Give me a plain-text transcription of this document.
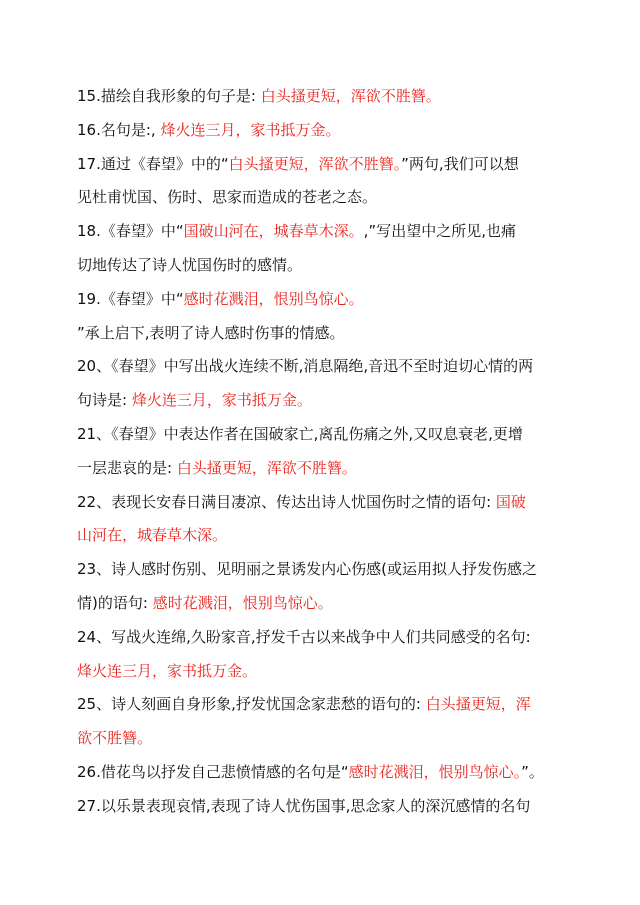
15.描绘自我形象的句子是: 白头搔更短，浑欲不胜簪。
16.名句是:, 烽火连三月，家书抵万金。
17.通过《春望》中的“白头搔更短，浑欲不胜簪。”两句,我们可以想
见杜甫忧国、伤时、思家而造成的苍老之态。
18.《春望》中“国破山河在，城春草木深。,”写出望中之所见,也痛
切地传达了诗人忧国伤时的感情。
19.《春望》中“感时花溅泪，恨别鸟惊心。
”承上启下,表明了诗人感时伤事的情感。
20、《春望》中写出战火连续不断,消息隔绝,音迅不至时迫切心情的两
句诗是: 烽火连三月，家书抵万金。
21、《春望》中表达作者在国破家亡,离乱伤痛之外,又叹息衰老,更增
一层悲哀的是: 白头搔更短，浑欲不胜簪。
22、表现长安春日满目凄凉、传达出诗人忧国伤时之情的语句: 国破
山河在，城春草木深。
23、诗人感时伤别、见明丽之景诱发内心伤感(或运用拟人抒发伤感之
情)的语句: 感时花溅泪，恨别鸟惊心。
24、写战火连绵,久盼家音,抒发千古以来战争中人们共同感受的名句:
烽火连三月，家书抵万金。
25、诗人刻画自身形象,抒发忧国念家悲愁的语句的: 白头搔更短，浑
欲不胜簪。
26.借花鸟以抒发自己悲愤情感的名句是“感时花溅泪，恨别鸟惊心。”。
27.以乐景表现哀情,表现了诗人忧伤国事,思念家人的深沉感情的名句
